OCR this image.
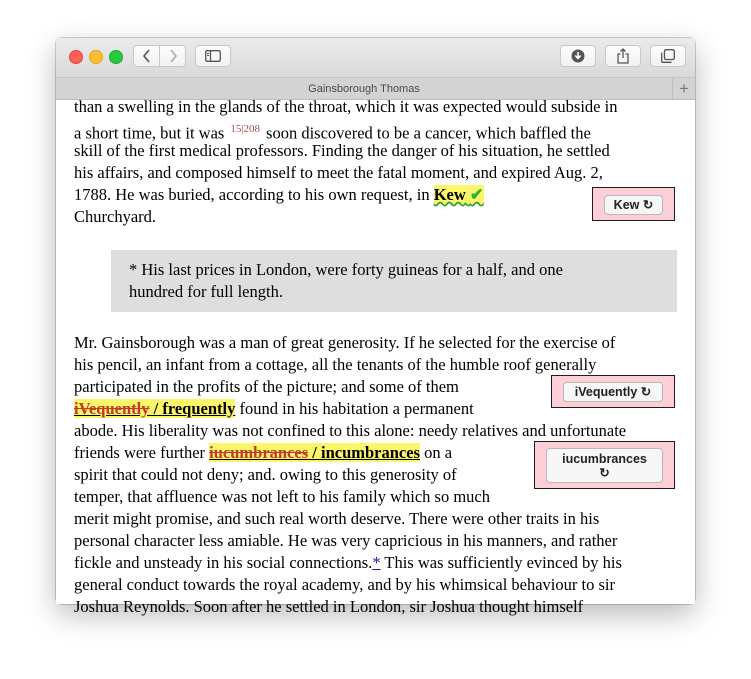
Gainsborough Thomas	+
than a swelling in the glands of the throat, which it was expected would subside in
a short time, but it was $^{15|208}$ soon discovered to be a cancer, which baffled the
skill of the first medical professors. Finding the danger of his situation, he settled
his affairs, and composed himself to meet the fatal moment, and expired Aug. 2,
1788. He was buried, according to his own request, in Kew ✔
Churchyard.
* His last prices in London, were forty guineas for a half, and one
hundred for full length.
Mr. Gainsborough was a man of great generosity. If he selected for the exercise of
his pencil, an infant from a cottage, all the tenants of the humble roof generally
participated in the profits of the picture; and some of them
iVequently / frequently found in his habitation a permanent
abode. His liberality was not confined to this alone: needy relatives and unfortunate
friends were further iucumbrances / incumbrances on a
spirit that could not deny; and. owing to this generosity of
temper, that affluence was not left to his family which so much
merit might promise, and such real worth deserve. There were other traits in his
personal character less amiable. He was very capricious in his manners, and rather
fickle and unsteady in his social connections.* This was sufficiently evinced by his
general conduct towards the royal academy, and by his whimsical behaviour to sir
Joshua Reynolds. Soon after he settled in London, sir Joshua thought himself
Kew ↻
iVequently ↻
iucumbrances
↻
